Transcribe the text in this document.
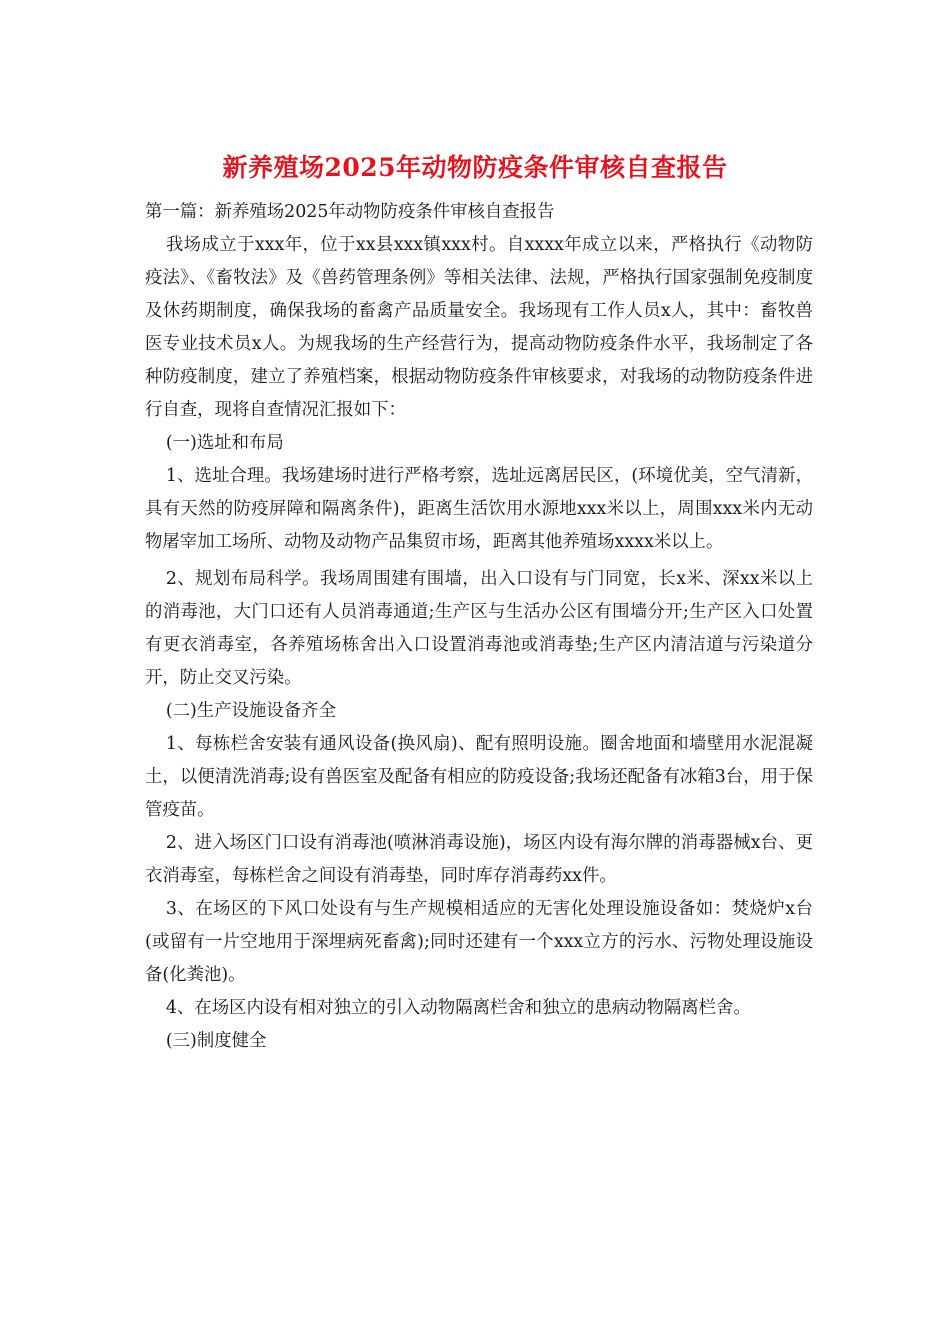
新养殖场2025年动物防疫条件审核自查报告

第一篇：新养殖场2025年动物防疫条件审核自查报告

我场成立于xxx年，位于xx县xxx镇xxx村。自xxxx年成立以来，严格执行《动物防疫法》、《畜牧法》及《兽药管理条例》等相关法律、法规，严格执行国家强制免疫制度及休药期制度，确保我场的畜禽产品质量安全。我场现有工作人员x人，其中：畜牧兽医专业技术员x人。为规我场的生产经营行为，提高动物防疫条件水平，我场制定了各种防疫制度，建立了养殖档案，根据动物防疫条件审核要求，对我场的动物防疫条件进行自查，现将自查情况汇报如下：

(一)选址和布局

1、选址合理。我场建场时进行严格考察，选址远离居民区，(环境优美，空气清新，具有天然的防疫屏障和隔离条件)，距离生活饮用水源地xxx米以上，周围xxx米内无动物屠宰加工场所、动物及动物产品集贸市场，距离其他养殖场xxxx米以上。

2、规划布局科学。我场周围建有围墙，出入口设有与门同宽，长x米、深xx米以上的消毒池，大门口还有人员消毒通道;生产区与生活办公区有围墙分开;生产区入口处置有更衣消毒室，各养殖场栋舍出入口设置消毒池或消毒垫;生产区内清洁道与污染道分开，防止交叉污染。

(二)生产设施设备齐全

1、每栋栏舍安装有通风设备(换风扇)、配有照明设施。圈舍地面和墙壁用水泥混凝土，以便清洗消毒;设有兽医室及配备有相应的防疫设备;我场还配备有冰箱3台，用于保管疫苗。

2、进入场区门口设有消毒池(喷淋消毒设施)，场区内设有海尔牌的消毒器械x台、更衣消毒室，每栋栏舍之间设有消毒垫，同时库存消毒药xx件。

3、在场区的下风口处设有与生产规模相适应的无害化处理设施设备如：焚烧炉x台(或留有一片空地用于深埋病死畜禽);同时还建有一个xxx立方的污水、污物处理设施设备(化粪池)。

4、在场区内设有相对独立的引入动物隔离栏舍和独立的患病动物隔离栏舍。

(三)制度健全
